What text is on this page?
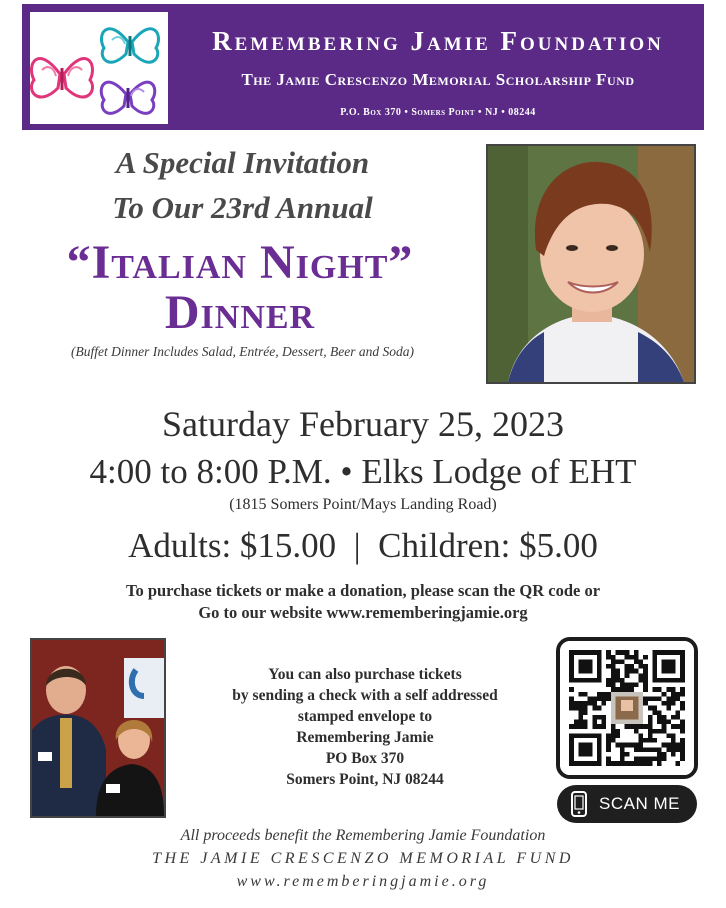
Remembering Jamie Foundation
The Jamie Crescenzo Memorial Scholarship Fund
P.O. Box 370 • Somers Point • NJ • 08244
A Special Invitation
To Our 23rd Annual
“Italian Night”
Dinner
(Buffet Dinner Includes Salad, Entrée, Dessert, Beer and Soda)
Saturday February 25, 2023
4:00 to 8:00 P.M. • Elks Lodge of EHT
(1815 Somers Point/Mays Landing Road)
Adults: $15.00  |  Children: $5.00
To purchase tickets or make a donation, please scan the QR code or
Go to our website www.rememberingjamie.org
You can also purchase tickets
by sending a check with a self addressed
stamped envelope to
Remembering Jamie
PO Box 370
Somers Point, NJ 08244
SCAN ME
All proceeds benefit the Remembering Jamie Foundation
THE JAMIE CRESCENZO MEMORIAL FUND
www.rememberingjamie.org
